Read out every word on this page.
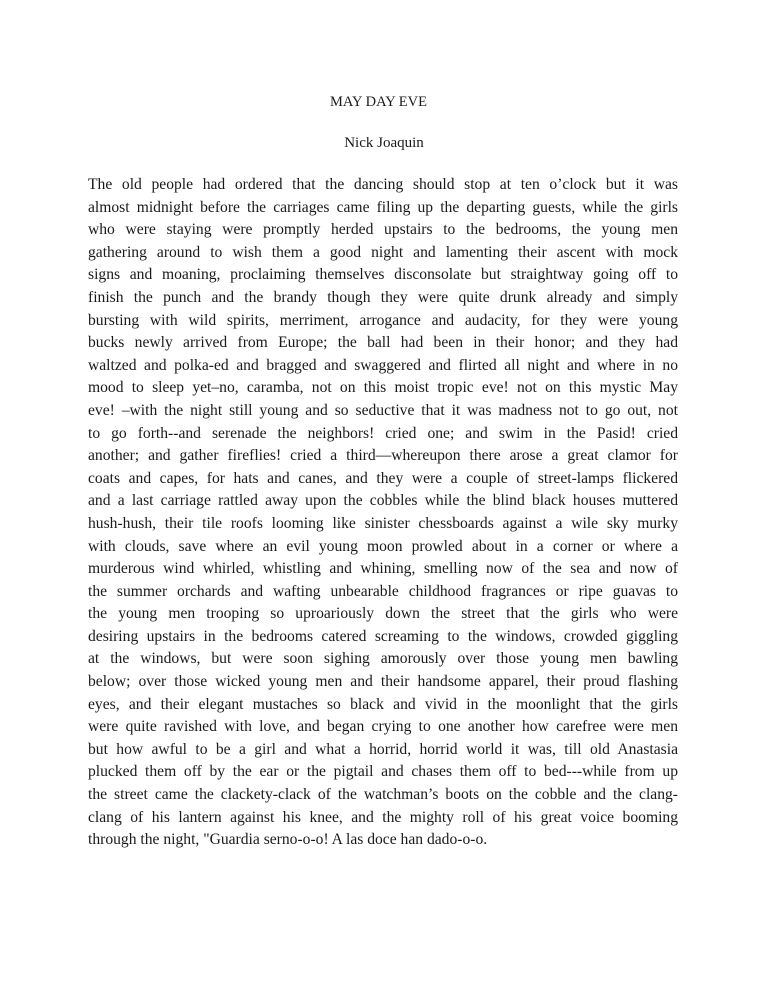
MAY DAY EVE
Nick Joaquin
The old people had ordered that the dancing should stop at ten o’clock but it was
almost midnight before the carriages came filing up the departing guests, while the girls
who were staying were promptly herded upstairs to the bedrooms, the young men
gathering around to wish them a good night and lamenting their ascent with mock
signs and moaning, proclaiming themselves disconsolate but straightway going off to
finish the punch and the brandy though they were quite drunk already and simply
bursting with wild spirits, merriment, arrogance and audacity, for they were young
bucks newly arrived from Europe; the ball had been in their honor; and they had
waltzed and polka-ed and bragged and swaggered and flirted all night and where in no
mood to sleep yet–no, caramba, not on this moist tropic eve! not on this mystic May
eve! –with the night still young and so seductive that it was madness not to go out, not
to go forth--and serenade the neighbors! cried one; and swim in the Pasid! cried
another; and gather fireflies! cried a third—whereupon there arose a great clamor for
coats and capes, for hats and canes, and they were a couple of street-lamps flickered
and a last carriage rattled away upon the cobbles while the blind black houses muttered
hush-hush, their tile roofs looming like sinister chessboards against a wile sky murky
with clouds, save where an evil young moon prowled about in a corner or where a
murderous wind whirled, whistling and whining, smelling now of the sea and now of
the summer orchards and wafting unbearable childhood fragrances or ripe guavas to
the young men trooping so uproariously down the street that the girls who were
desiring upstairs in the bedrooms catered screaming to the windows, crowded giggling
at the windows, but were soon sighing amorously over those young men bawling
below; over those wicked young men and their handsome apparel, their proud flashing
eyes, and their elegant mustaches so black and vivid in the moonlight that the girls
were quite ravished with love, and began crying to one another how carefree were men
but how awful to be a girl and what a horrid, horrid world it was, till old Anastasia
plucked them off by the ear or the pigtail and chases them off to bed---while from up
the street came the clackety-clack of the watchman’s boots on the cobble and the clang-
clang of his lantern against his knee, and the mighty roll of his great voice booming
through the night, "Guardia serno-o-o! A las doce han dado-o-o.
